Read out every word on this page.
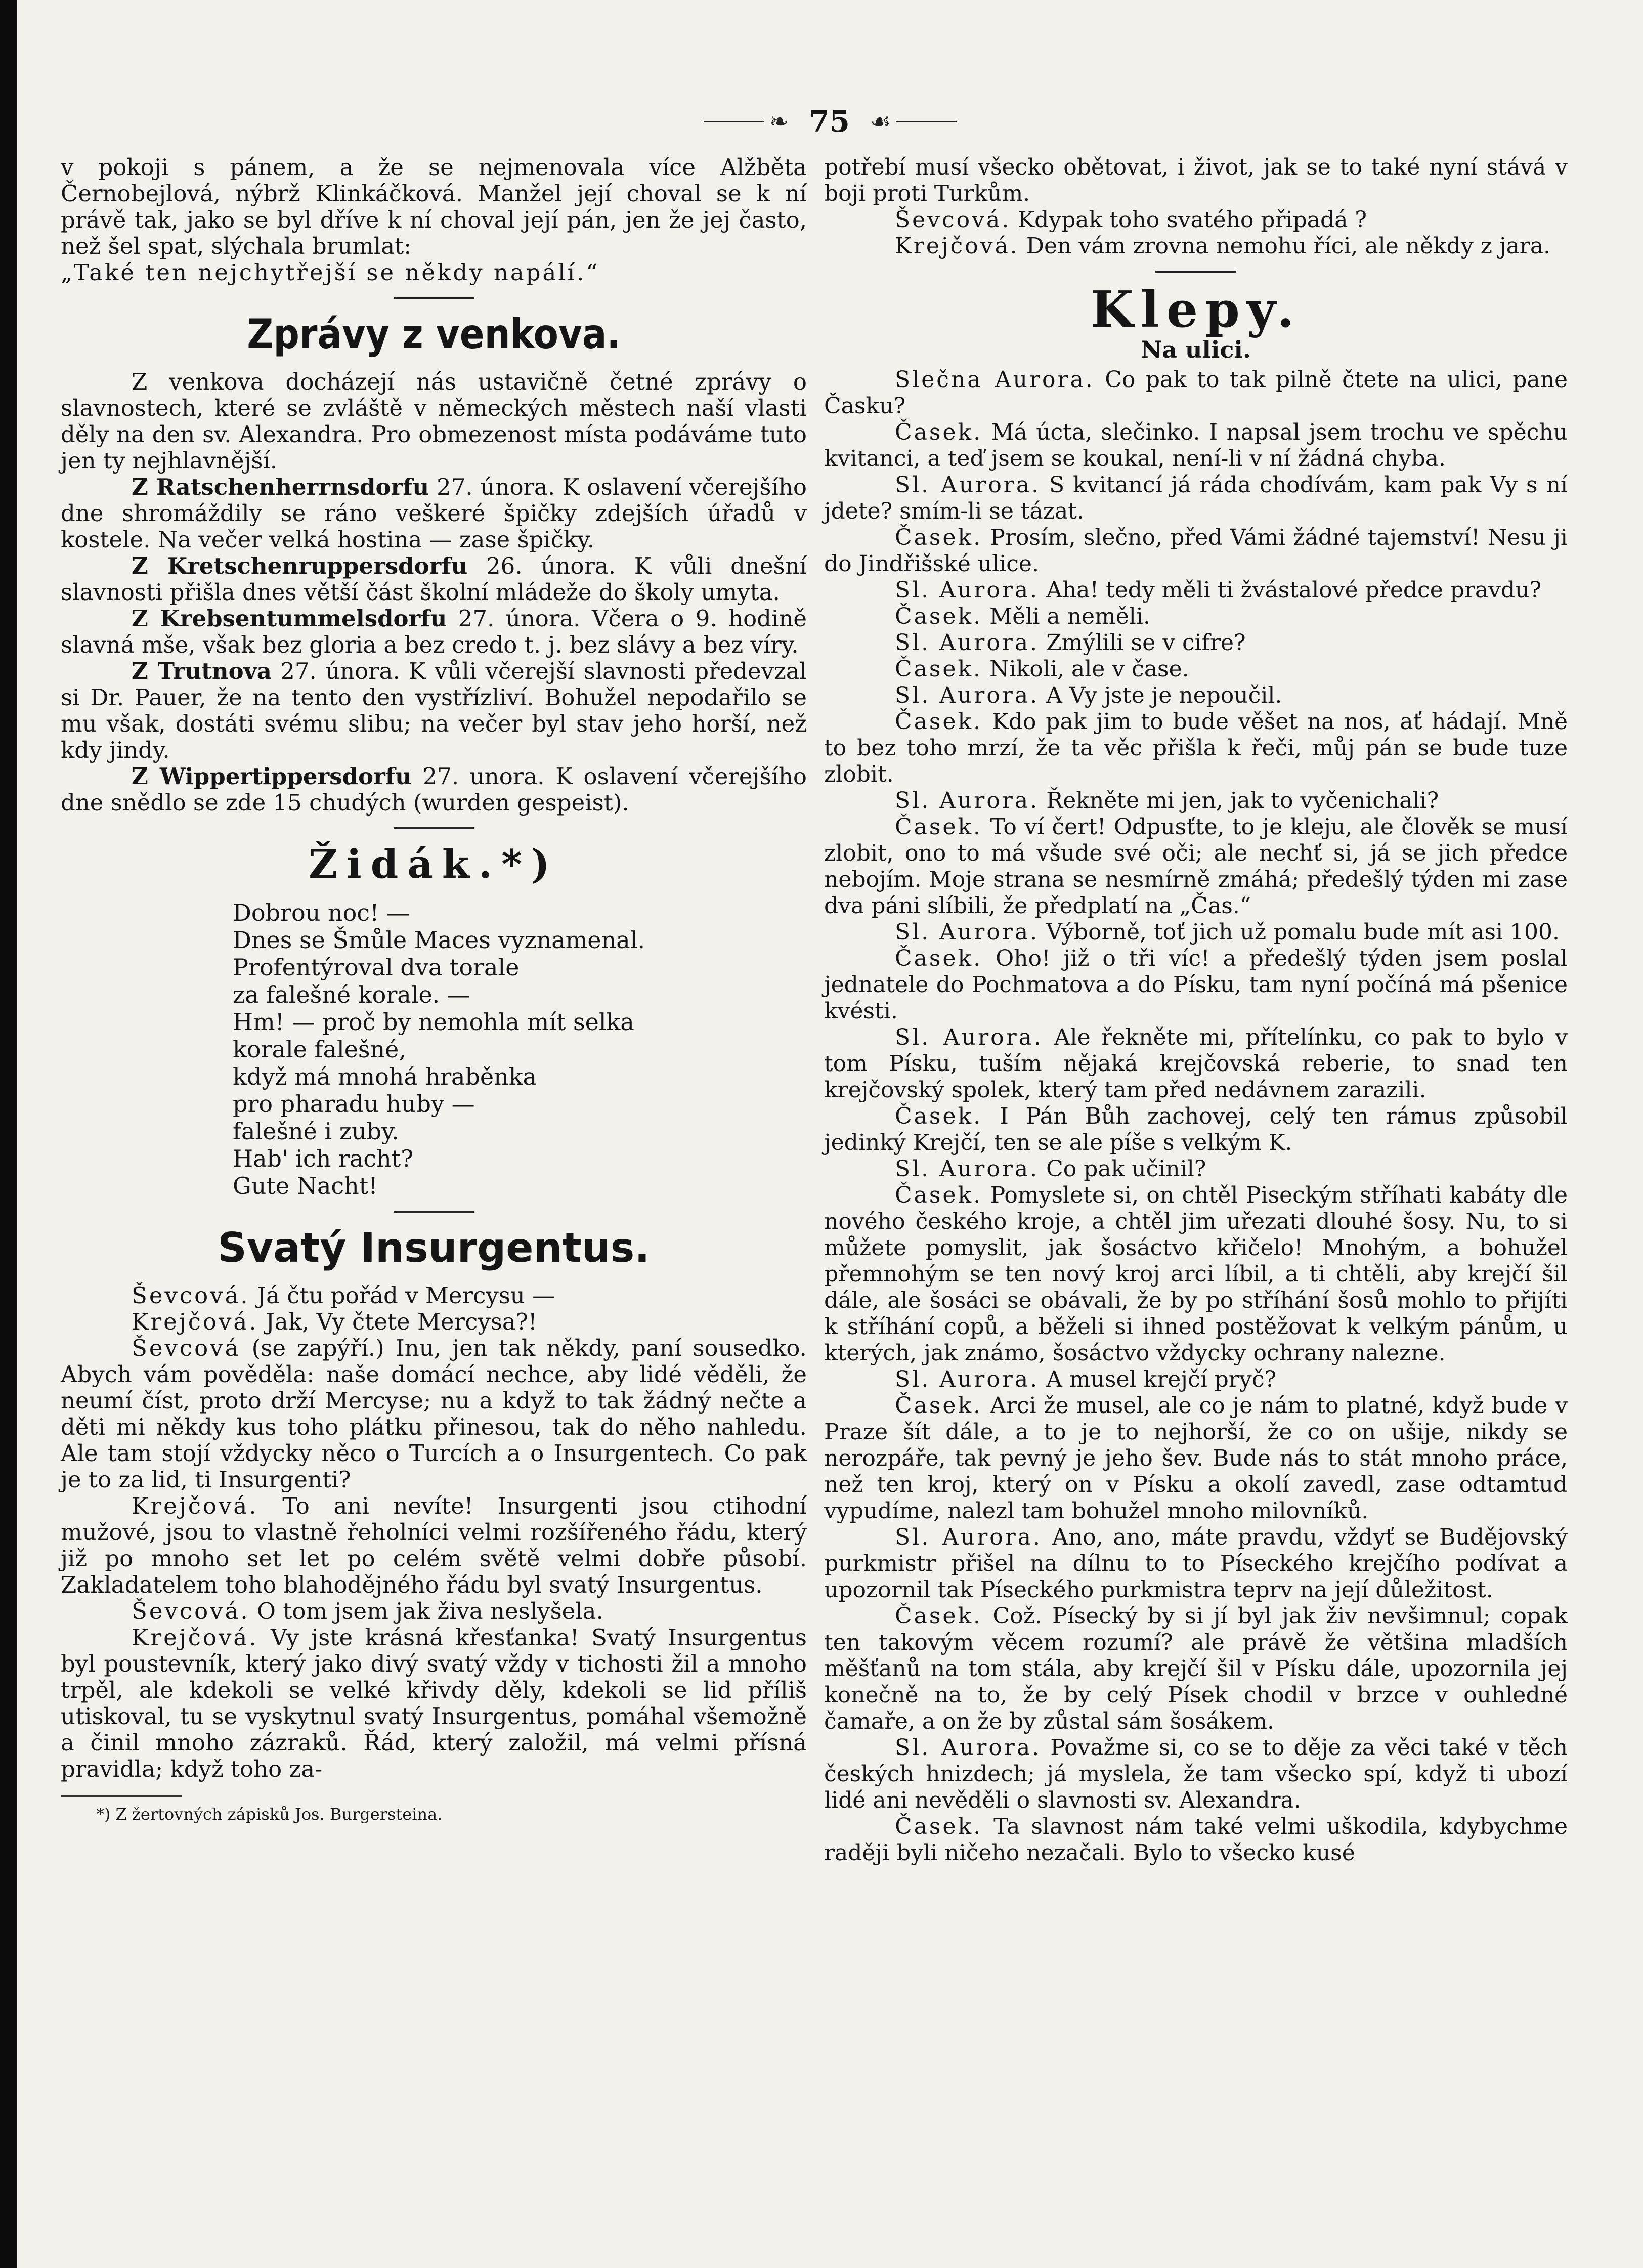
❧ 75 ☙

v pokoji s pánem, a že se nejmenovala více Alžběta Černobejlová, nýbrž Klinkáčková. Manžel její choval se k ní právě tak, jako se byl dříve k ní choval její pán, jen že jej často, než šel spat, slýchala brumlat:

„Také ten nejchytřejší se někdy napálí.“

Zprávy z venkova.

Z venkova docházejí nás ustavičně četné zprávy o slavnostech, které se zvláště v německých městech naší vlasti děly na den sv. Alexandra. Pro obmezenost místa podáváme tuto jen ty nejhlavnější.

Z Ratschenherrnsdorfu 27. února. K oslavení včerejšího dne shromáždily se ráno veškeré špičky zdejších úřadů v kostele. Na večer velká hostina — zase špičky.

Z Kretschenruppersdorfu 26. února. K vůli dnešní slavnosti přišla dnes větší část školní mládeže do školy umyta.

Z Krebsentummelsdorfu 27. února. Včera o 9. hodině slavná mše, však bez gloria a bez credo t. j. bez slávy a bez víry.

Z Trutnova 27. února. K vůli včerejší slavnosti předevzal si Dr. Pauer, že na tento den vystřízliví. Bohužel nepodařilo se mu však, dostáti svému slibu; na večer byl stav jeho horší, než kdy jindy.

Z Wippertippersdorfu 27. unora. K oslavení včerejšího dne snědlo se zde 15 chudých (wurden gespeist).

Židák.*)
Dobrou noc! —
Dnes se Šmůle Maces vyznamenal.
Profentýroval dva torale
za falešné korale. —
Hm! — proč by nemohla mít selka
korale falešné,
když má mnohá hraběnka
pro pharadu huby —
falešné i zuby.
Hab' ich racht?
Gute Nacht!
Svatý Insurgentus.

Ševcová. Já čtu pořád v Mercysu —

Krejčová. Jak, Vy čtete Mercysa?!

Ševcová (se zapýří.) Inu, jen tak někdy, paní sousedko. Abych vám pověděla: naše domácí nechce, aby lidé věděli, že neumí číst, proto drží Mercyse; nu a když to tak žádný nečte a děti mi někdy kus toho plátku přinesou, tak do něho nahledu. Ale tam stojí vždycky něco o Turcích a o Insurgentech. Co pak je to za lid, ti Insurgenti?

Krejčová. To ani nevíte! Insurgenti jsou ctihodní mužové, jsou to vlastně řeholníci velmi rozšířeného řádu, který již po mnoho set let po celém světě velmi dobře působí. Zakladatelem toho blahodějného řádu byl svatý Insurgentus.

Ševcová. O tom jsem jak živa neslyšela.

Krejčová. Vy jste krásná křesťanka! Svatý Insurgentus byl poustevník, který jako divý svatý vždy v tichosti žil a mnoho trpěl, ale kdekoli se velké křivdy děly, kdekoli se lid příliš utiskoval, tu se vyskytnul svatý Insurgentus, pomáhal všemožně a činil mnoho zázraků. Řád, který založil, má velmi přísná pravidla; když toho za-

*) Z žertovných zápisků Jos. Burgersteina.

potřebí musí všecko obětovat, i život, jak se to také nyní stává v boji proti Turkům.

Ševcová. Kdypak toho svatého připadá ?

Krejčová. Den vám zrovna nemohu říci, ale někdy z jara.

Klepy.
Na ulici.

Slečna Aurora. Co pak to tak pilně čtete na ulici, pane Časku?

Časek. Má úcta, slečinko. I napsal jsem trochu ve spěchu kvitanci, a teď jsem se koukal, není-li v ní žádná chyba.

Sl. Aurora. S kvitancí já ráda chodívám, kam pak Vy s ní jdete? smím-li se tázat.

Časek. Prosím, slečno, před Vámi žádné tajemství! Nesu ji do Jindřišské ulice.

Sl. Aurora. Aha! tedy měli ti žvástalové předce pravdu?

Časek. Měli a neměli.

Sl. Aurora. Zmýlili se v cifre?

Časek. Nikoli, ale v čase.

Sl. Aurora. A Vy jste je nepoučil.

Časek. Kdo pak jim to bude věšet na nos, ať hádají. Mně to bez toho mrzí, že ta věc přišla k řeči, můj pán se bude tuze zlobit.

Sl. Aurora. Řekněte mi jen, jak to vyčenichali?

Časek. To ví čert! Odpusťte, to je kleju, ale člověk se musí zlobit, ono to má všude své oči; ale nechť si, já se jich předce nebojím. Moje strana se nesmírně zmáhá; předešlý týden mi zase dva páni slíbili, že předplatí na „Čas.“

Sl. Aurora. Výborně, toť jich už pomalu bude mít asi 100.

Časek. Oho! již o tři víc! a předešlý týden jsem poslal jednatele do Pochmatova a do Písku, tam nyní počíná má pšenice kvésti.

Sl. Aurora. Ale řekněte mi, přítelínku, co pak to bylo v tom Písku, tuším nějaká krejčovská reberie, to snad ten krejčovský spolek, který tam před nedávnem zarazili.

Časek. I Pán Bůh zachovej, celý ten rámus způsobil jedinký Krejčí, ten se ale píše s velkým K.

Sl. Aurora. Co pak učinil?

Časek. Pomyslete si, on chtěl Piseckým stříhati kabáty dle nového českého kroje, a chtěl jim uřezati dlouhé šosy. Nu, to si můžete pomyslit, jak šosáctvo křičelo! Mnohým, a bohužel přemnohým se ten nový kroj arci líbil, a ti chtěli, aby krejčí šil dále, ale šosáci se obávali, že by po stříhání šosů mohlo to přijíti k stříhání copů, a běželi si ihned postěžovat k velkým pánům, u kterých, jak známo, šosáctvo vždycky ochrany nalezne.

Sl. Aurora. A musel krejčí pryč?

Časek. Arci že musel, ale co je nám to platné, když bude v Praze šít dále, a to je to nejhorší, že co on ušije, nikdy se nerozpáře, tak pevný je jeho šev. Bude nás to stát mnoho práce, než ten kroj, který on v Písku a okolí zavedl, zase odtamtud vypudíme, nalezl tam bohužel mnoho milovníků.

Sl. Aurora. Ano, ano, máte pravdu, vždyť se Budějovský purkmistr přišel na dílnu to to Píseckého krejčího podívat a upozornil tak Píseckého purkmistra teprv na její důležitost.

Časek. Což. Písecký by si jí byl jak živ nevšimnul; copak ten takovým věcem rozumí? ale právě že většina mladších měšťanů na tom stála, aby krejčí šil v Písku dále, upozornila jej konečně na to, že by celý Písek chodil v brzce v ouhledné čamaře, a on že by zůstal sám šosákem.

Sl. Aurora. Považme si, co se to děje za věci také v těch českých hnizdech; já myslela, že tam všecko spí, když ti ubozí lidé ani nevěděli o slavnosti sv. Alexandra.

Časek. Ta slavnost nám také velmi uškodila, kdybychme raději byli ničeho nezačali. Bylo to všecko kusé
